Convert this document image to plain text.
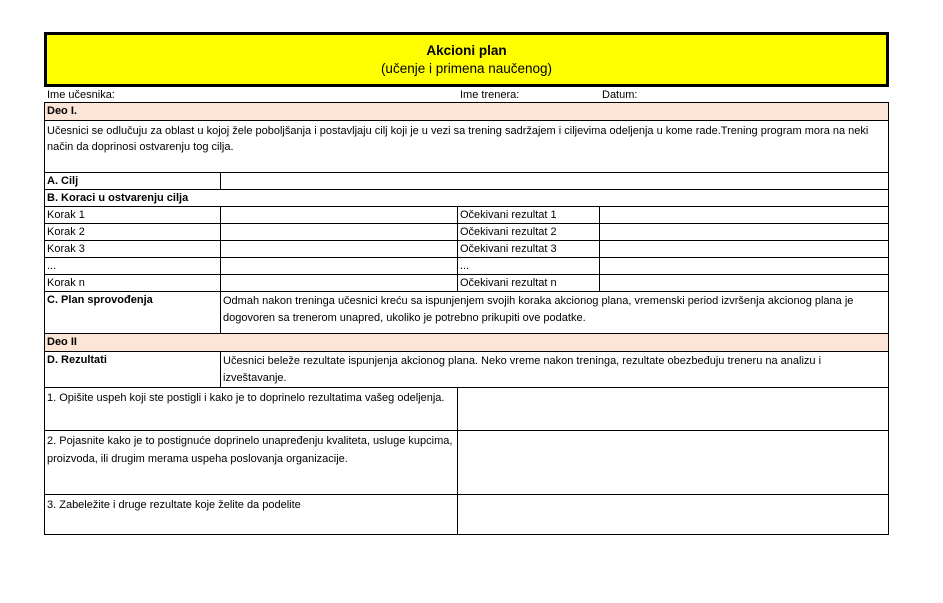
Akcioni plan
(učenje i primena naučenog)
Ime učesnika:	Ime trenera:	Datum:
Deo I.
Učesnici se odlučuju za oblast u kojoj žele poboljšanja i postavljaju cilj koji je u vezi sa trening sadržajem i ciljevima odeljenja u kome rade.Trening program mora na neki način da doprinosi ostvarenju tog cilja.
A. Cilj
B. Koraci u ostvarenju cilja
Korak 1	Očekivani rezultat 1
Korak 2	Očekivani rezultat 2
Korak 3	Očekivani rezultat 3
...	...
Korak n	Očekivani rezultat n
C. Plan sprovođenja	Odmah nakon treninga učesnici kreću sa ispunjenjem svojih koraka akcionog plana, vremenski period izvršenja akcionog plana je dogovoren sa trenerom unapred, ukoliko je potrebno prikupiti ove podatke.
Deo II
D. Rezultati	Učesnici beleže rezultate ispunjenja akcionog plana. Neko vreme nakon treninga, rezultate obezbeđuju treneru na analizu i izveštavanje.
1. Opišite uspeh koji ste postigli i kako je to doprinelo rezultatima vašeg odeljenja.
2. Pojasnite kako je to postignuće doprinelo unapređenju kvaliteta, usluge kupcima, proizvoda, ili drugim merama uspeha poslovanja organizacije.
3. Zabeležite i druge rezultate koje želite da podelite
